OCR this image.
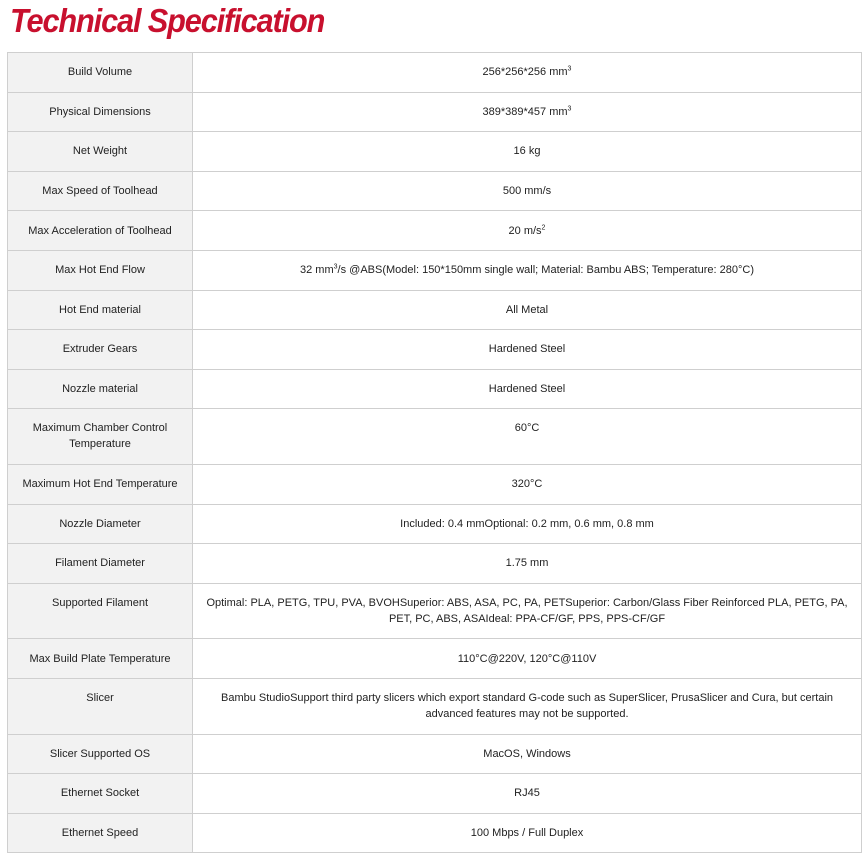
Technical Specification
Build Volume	256*256*256 $mm^3$
Physical Dimensions	389*389*457 $mm^3$
Net Weight	16 kg
Max Speed of Toolhead	500 mm/s
Max Acceleration of Toolhead	20 $m/s^2$
Max Hot End Flow	32 $mm^3/s$ @ABS(Model: 150*150mm single wall; Material: Bambu ABS; Temperature: 280°C)
Hot End material	All Metal
Extruder Gears	Hardened Steel
Nozzle material	Hardened Steel
Maximum Chamber Control Temperature	60°C
Maximum Hot End Temperature	320°C
Nozzle Diameter	Included: 0.4 mmOptional: 0.2 mm, 0.6 mm, 0.8 mm
Filament Diameter	1.75 mm
Supported Filament	Optimal: PLA, PETG, TPU, PVA, BVOHSuperior: ABS, ASA, PC, PA, PETSuperior: Carbon/Glass Fiber Reinforced PLA, PETG, PA, PET, PC, ABS, ASAIdeal: PPA-CF/GF, PPS, PPS-CF/GF
Max Build Plate Temperature	110°C@220V, 120°C@110V
Slicer	Bambu StudioSupport third party slicers which export standard G-code such as SuperSlicer, PrusaSlicer and Cura, but certain advanced features may not be supported.
Slicer Supported OS	MacOS, Windows
Ethernet Socket	RJ45
Ethernet Speed	100 Mbps / Full Duplex
